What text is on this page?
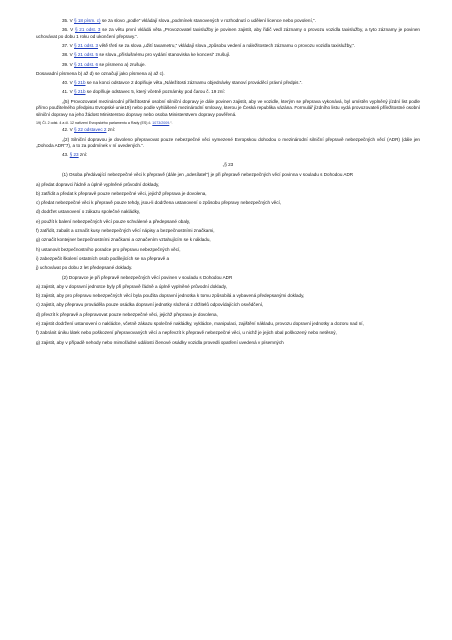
35. V § 18 písm. c) se za slovo „podle“ vkládají slova „podmínek stanovených v rozhodnutí o udělení licence nebo povolení,“.

36. V § 21 odst. 3 se za větu první vkládá věta „Provozovatel taxislužby je povinen zajistit, aby řidič vedl záznamy o provozu vozidla taxislužby, a tyto záznamy je povinen uchovávat po dobu 1 roku od ukončení přepravy.“.

37. V § 21 odst. 3 větě třetí se za slova „užití taxametru,“ vkládají slova „způsobu vedení a náležitostech záznamu o provozu vozidla taxislužby,“.

38. V § 21 odst. 5 se slova „příslušnému pro vydání stanoviska ke koncesi“ zrušují.

39. V § 21 odst. 6 se písmeno a) zrušuje.

Dosavadní písmena b) až d) se označují jako písmena a) až c).

40. V § 21b se na konci odstavce 2 doplňuje věta „Náležitosti záznamu objednávky stanoví prováděcí právní předpis.“.

41. V § 21b se doplňuje odstavec 5, který včetně poznámky pod čarou č. 19 zní:

„(5) Provozovatel mezinárodní příležitostné osobní silniční dopravy je dále povinen zajistit, aby ve vozidle, kterým se přeprava vykonává, byl umístěn vyplněný jízdní list podle přímo použitelného předpisu Evropské unie19) nebo podle vyhlášené mezinárodní smlouvy, kterou je Česká republika vázána. Formulář jízdního listu vydá provozovateli příležitostné osobní silniční dopravy na jeho žádost Ministerstvo dopravy nebo osoba Ministerstvem dopravy pověřená.

19) Čl. 2 odst. 4 a čl. 12 nařízení Evropského parlamentu a Rady (ES) č. 1073/2009.“.

42. V § 22 odstavec 2 zní:

„(2) Silniční dopravou je dovoleno přepravovat pouze nebezpečné věci vymezené Evropskou dohodou o mezinárodní silniční přepravě nebezpečných věcí (ADR) (dále jen „Dohoda ADR“7), a to za podmínek v ní uvedených.“.

43. § 23 zní:

„§ 23

(1) Osoba předávající nebezpečné věci k přepravě (dále jen „odesílatel“) je při přepravě nebezpečných věcí povinna v souladu s Dohodou ADR

a) předat dopravci řádně a úplně vyplněné průvodní doklady,

b) zatřídit a předat k přepravě pouze nebezpečné věci, jejichž přeprava je dovolena,

c) předat nebezpečné věci k přepravě pouze tehdy, jsou-li dodržena ustanovení o způsobu přepravy nebezpečných věcí,

d) dodržet ustanovení o zákazu společné nakládky,

e) použít k balení nebezpečných věcí pouze schválené a předepsané obaly,

f) zatřídit, zabalit a označit kusy nebezpečných věcí nápisy a bezpečnostními značkami,

g) označit kontejner bezpečnostními značkami a označením vztahujícím se k nákladu,

h) ustanovit bezpečnostního poradce pro přepravu nebezpečných věcí,

i) zabezpečit školení ostatních osob podílejících se na přepravě a

j) uchovávat po dobu 2 let předepsané doklady.

(2) Dopravce je při přepravě nebezpečných věcí povinen v souladu s Dohodou ADR

a) zajistit, aby v dopravní jednotce byly při přepravě řádně a úplně vyplněné průvodní doklady,

b) zajistit, aby pro přepravu nebezpečných věcí byla použita dopravní jednotka k tomu způsobilá a vybavená předepsanými doklady,

c) zajistit, aby přepravu prováděla pouze osádka dopravní jednotky složená z držitelů odpovídajících osvědčení,

d) převzít k přepravě a přepravovat pouze nebezpečné věci, jejichž přeprava je dovolena,

e) zajistit dodržení ustanovení o nakládce, včetně zákazu společné nakládky, vykládce, manipulaci, zajištění nákladu, provozu dopravní jednotky a dozoru nad ní,

f) zabránit úniku látek nebo poškození přepravovaných věcí a nepřevzít k přepravě nebezpečné věci, u nichž je jejich obal poškozený nebo netěsný,

g) zajistit, aby v případě nehody nebo mimořádné události členové osádky vozidla provedli opatření uvedená v písemných
